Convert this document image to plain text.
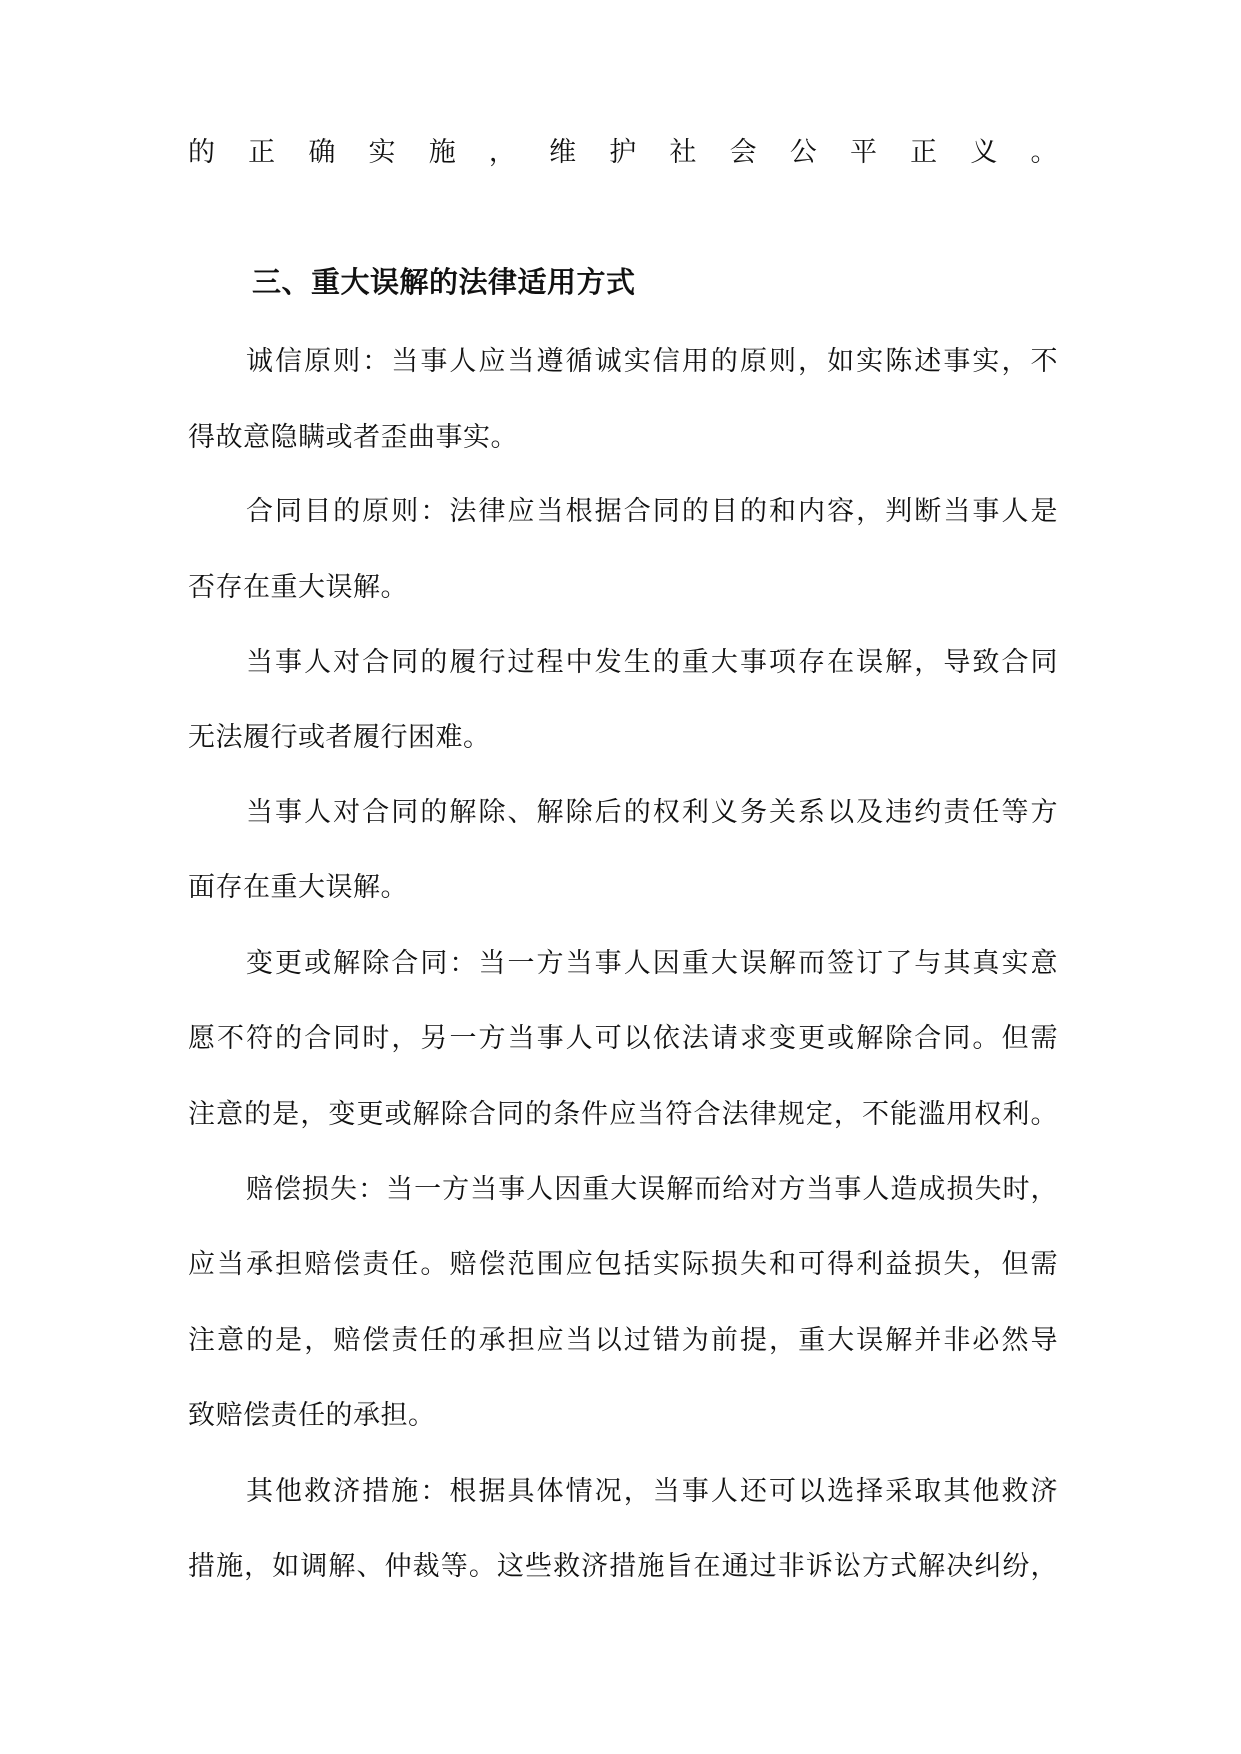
的正确实施，维护社会公平正义。
三、重大误解的法律适用方式
诚信原则：当事人应当遵循诚实信用的原则，如实陈述事实，不
得故意隐瞒或者歪曲事实。
合同目的原则：法律应当根据合同的目的和内容，判断当事人是
否存在重大误解。
当事人对合同的履行过程中发生的重大事项存在误解，导致合同
无法履行或者履行困难。
当事人对合同的解除、解除后的权利义务关系以及违约责任等方
面存在重大误解。
变更或解除合同：当一方当事人因重大误解而签订了与其真实意
愿不符的合同时，另一方当事人可以依法请求变更或解除合同。但需
注意的是，变更或解除合同的条件应当符合法律规定，不能滥用权利。
赔偿损失：当一方当事人因重大误解而给对方当事人造成损失时，
应当承担赔偿责任。赔偿范围应包括实际损失和可得利益损失，但需
注意的是，赔偿责任的承担应当以过错为前提，重大误解并非必然导
致赔偿责任的承担。
其他救济措施：根据具体情况，当事人还可以选择采取其他救济
措施，如调解、仲裁等。这些救济措施旨在通过非诉讼方式解决纠纷，
